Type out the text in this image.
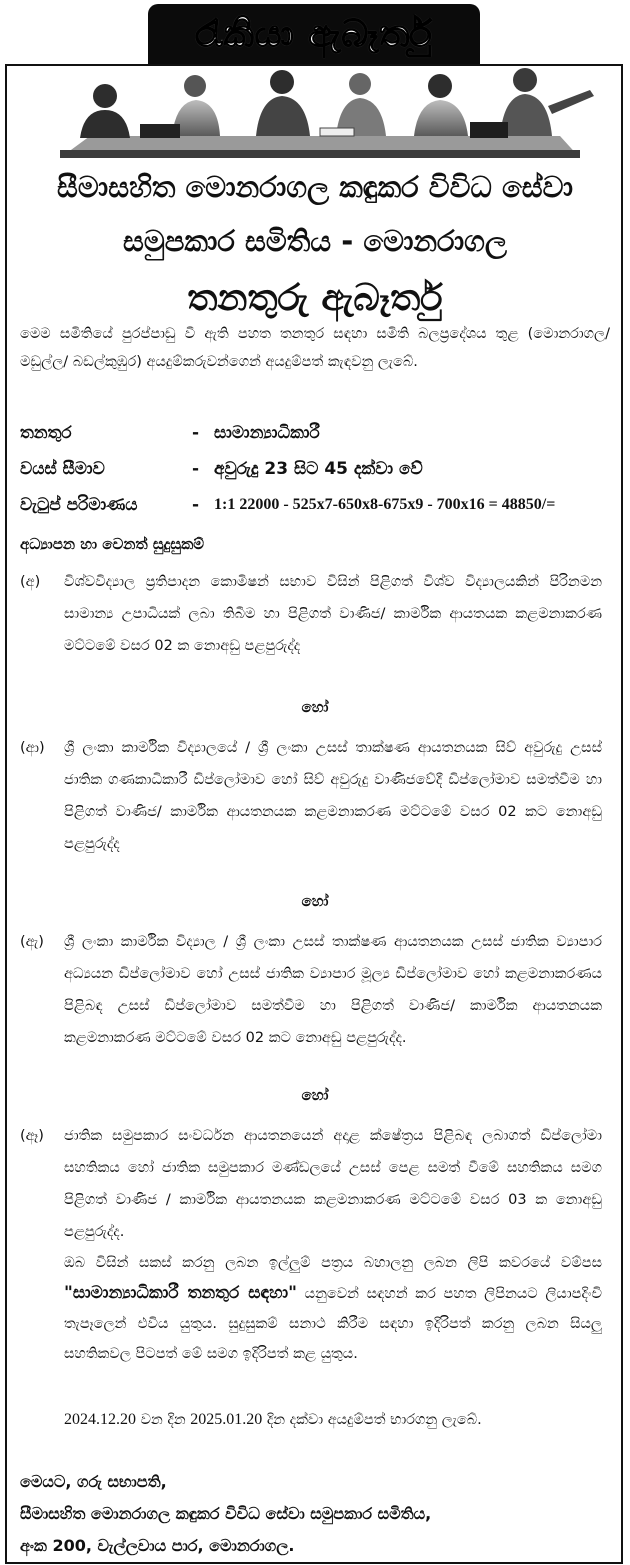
රැකියා ඇබෑර්තු
සීමාසහිත මොනරාගල කඳුකර විවිධ සේවා
සමුපකාර සමිතිය - මොනරාගල
තනතුරු ඇබෑර්තු
මෙම සමිතියේ පුරප්පාඩු වී ඇති පහත තනතුර සඳහා සමිති බලප්‍රදේශය තුළ (මොනරාගල/ මඩුල්ල/ බඩල්කුඹුර) අයදුම්කරුවන්ගෙන් අයදුම්පත් කැඳවනු ලැබේ.
තනතුර	- සාමාන්‍යාධිකාරී
වයස් සීමාව	- අවුරුදු 23 සිට 45 දක්වා වේ
වැටුප් පරිමාණය	- 1:1 22000 - 525x7-650x8-675x9 - 700x16 = 48850/=
අධ්‍යාපන හා වෙනත් සුදුසුකම්
(අ)	විශ්වවිද්‍යාල ප්‍රතිපාදන කොමිෂන් සභාව විසින් පිළිගත් විශ්ව විද්‍යාලයකින් පිරිනමන සාමාන්‍ය උපාධියක් ලබා තිබීම හා පිළිගත් වාණිජ/ කාර්මික ආයතයක කළමනාකරණ මට්ටමේ වසර 02 ක නොඅඩු පළපුරුද්ද
හෝ
(ආ)	ශ්‍රී ලංකා කාර්මික විද්‍යාලයේ / ශ්‍රී ලංකා උසස් තාක්ෂණ ආයතනයක සිව් අවුරුදු උසස් ජාතික ගණකාධිකාරී ඩිප්ලෝමාව හෝ සිව් අවුරුදු වාණිජවේදී ඩිප්ලෝමාව සමත්වීම හා පිළිගත් වාණිජ/ කාර්මික ආයතනයක කළමනාකරණ මට්ටමේ වසර 02 කට නොඅඩු පළපුරුද්ද
හෝ
(ඇ)	ශ්‍රී ලංකා කාර්මික විද්‍යාල / ශ්‍රී ලංකා උසස් තාක්ෂණ ආයතනයක උසස් ජාතික ව්‍යාපාර අධ්‍යයන ඩිප්ලෝමාව හෝ උසස් ජාතික ව්‍යාපාර මූල්‍ය ඩිප්ලෝමාව හෝ කළමනාකරණය පිළිබඳ උසස් ඩිප්ලෝමාව සමත්වීම හා පිළිගත් වාණිජ/ කාර්මික ආයතනයක කළමනාකරණ මට්ටමේ වසර 02 කට නොඅඩු පළපුරුද්ද.
හෝ
(ඈ)	ජාතික සමුපකාර සංවර්ධන ආයතනයෙන් අදාළ ක්ෂේත්‍රය පිළිබඳ ලබාගත් ඩිප්ලෝමා සහතිකය හෝ ජාතික සමුපකාර මණ්ඩලයේ උසස් පෙළ සමත් වීමේ සහතිකය සමග පිළිගත් වාණිජ / කාර්මික ආයතනයක කළමනාකරණ මට්ටමේ වසර 03 ක නොඅඩු පළපුරුද්ද.
ඔබ විසින් සකස් කරනු ලබන ඉල්ලුම් පත්‍රය බහාලනු ලබන ලිපි කවරයේ වම්පස "සාමාන්‍යාධිකාරී තනතුර සඳහා" යනුවෙන් සඳහන් කර පහත ලිපිනයට ලියාපදිංචි තැපෑලෙන් එවිය යුතුය. සුදුසුකම් සනාථ කිරීම සඳහා ඉදිරිපත් කරනු ලබන සියලු සහතිකවල පිටපත් මේ සමග ඉදිරිපත් කළ යුතුය.
2024.12.20 වන දින 2025.01.20 දින දක්වා අයදුම්පත් භාරගනු ලැබේ.
මෙයට, ගරු සභාපති,
සීමාසහිත මොනරාගල කඳුකර විවිධ සේවා සමුපකාර සමිතිය,
අංක 200, වැල්ලවාය පාර, මොනරාගල.
